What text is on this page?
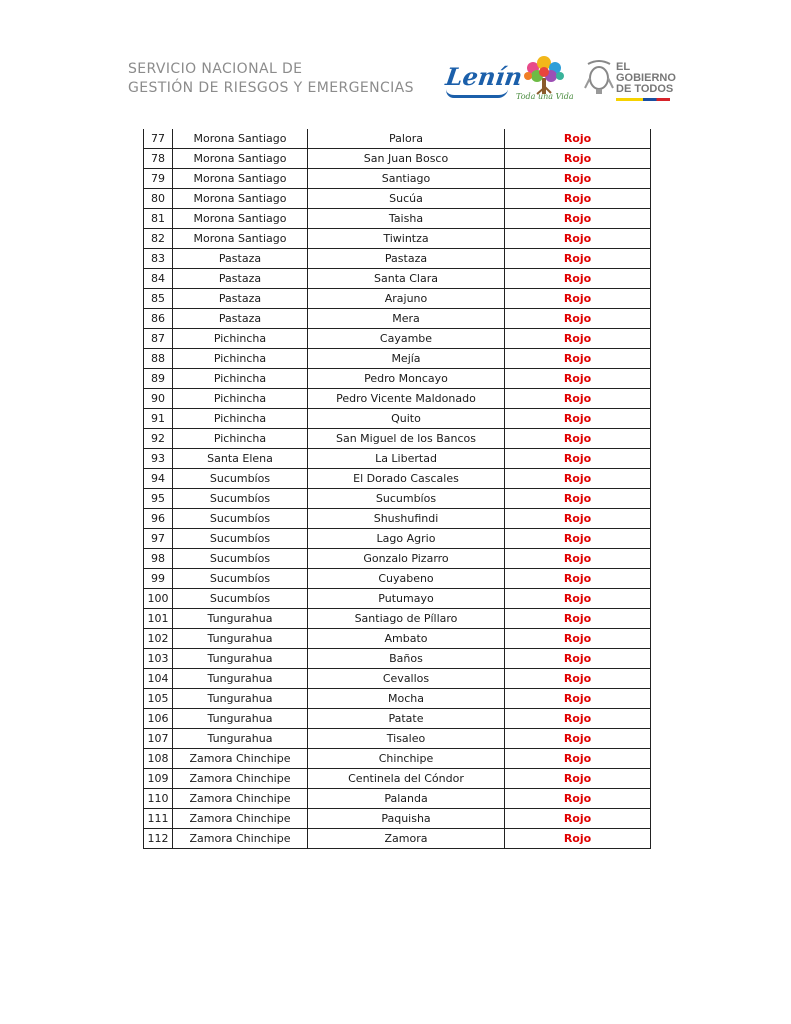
SERVICIO NACIONAL DE
GESTIÓN DE RIESGOS Y EMERGENCIAS Lenín
Toda una Vida
EL
GOBIERNO
DE TODOS
77	Morona Santiago	Palora	Rojo
78	Morona Santiago	San Juan Bosco	Rojo
79	Morona Santiago	Santiago	Rojo
80	Morona Santiago	Sucúa	Rojo
81	Morona Santiago	Taisha	Rojo
82	Morona Santiago	Tiwintza	Rojo
83	Pastaza	Pastaza	Rojo
84	Pastaza	Santa Clara	Rojo
85	Pastaza	Arajuno	Rojo
86	Pastaza	Mera	Rojo
87	Pichincha	Cayambe	Rojo
88	Pichincha	Mejía	Rojo
89	Pichincha	Pedro Moncayo	Rojo
90	Pichincha	Pedro Vicente Maldonado	Rojo
91	Pichincha	Quito	Rojo
92	Pichincha	San Miguel de los Bancos	Rojo
93	Santa Elena	La Libertad	Rojo
94	Sucumbíos	El Dorado Cascales	Rojo
95	Sucumbíos	Sucumbíos	Rojo
96	Sucumbíos	Shushufindi	Rojo
97	Sucumbíos	Lago Agrio	Rojo
98	Sucumbíos	Gonzalo Pizarro	Rojo
99	Sucumbíos	Cuyabeno	Rojo
100	Sucumbíos	Putumayo	Rojo
101	Tungurahua	Santiago de Píllaro	Rojo
102	Tungurahua	Ambato	Rojo
103	Tungurahua	Baños	Rojo
104	Tungurahua	Cevallos	Rojo
105	Tungurahua	Mocha	Rojo
106	Tungurahua	Patate	Rojo
107	Tungurahua	Tisaleo	Rojo
108	Zamora Chinchipe	Chinchipe	Rojo
109	Zamora Chinchipe	Centinela del Cóndor	Rojo
110	Zamora Chinchipe	Palanda	Rojo
111	Zamora Chinchipe	Paquisha	Rojo
112	Zamora Chinchipe	Zamora	Rojo
